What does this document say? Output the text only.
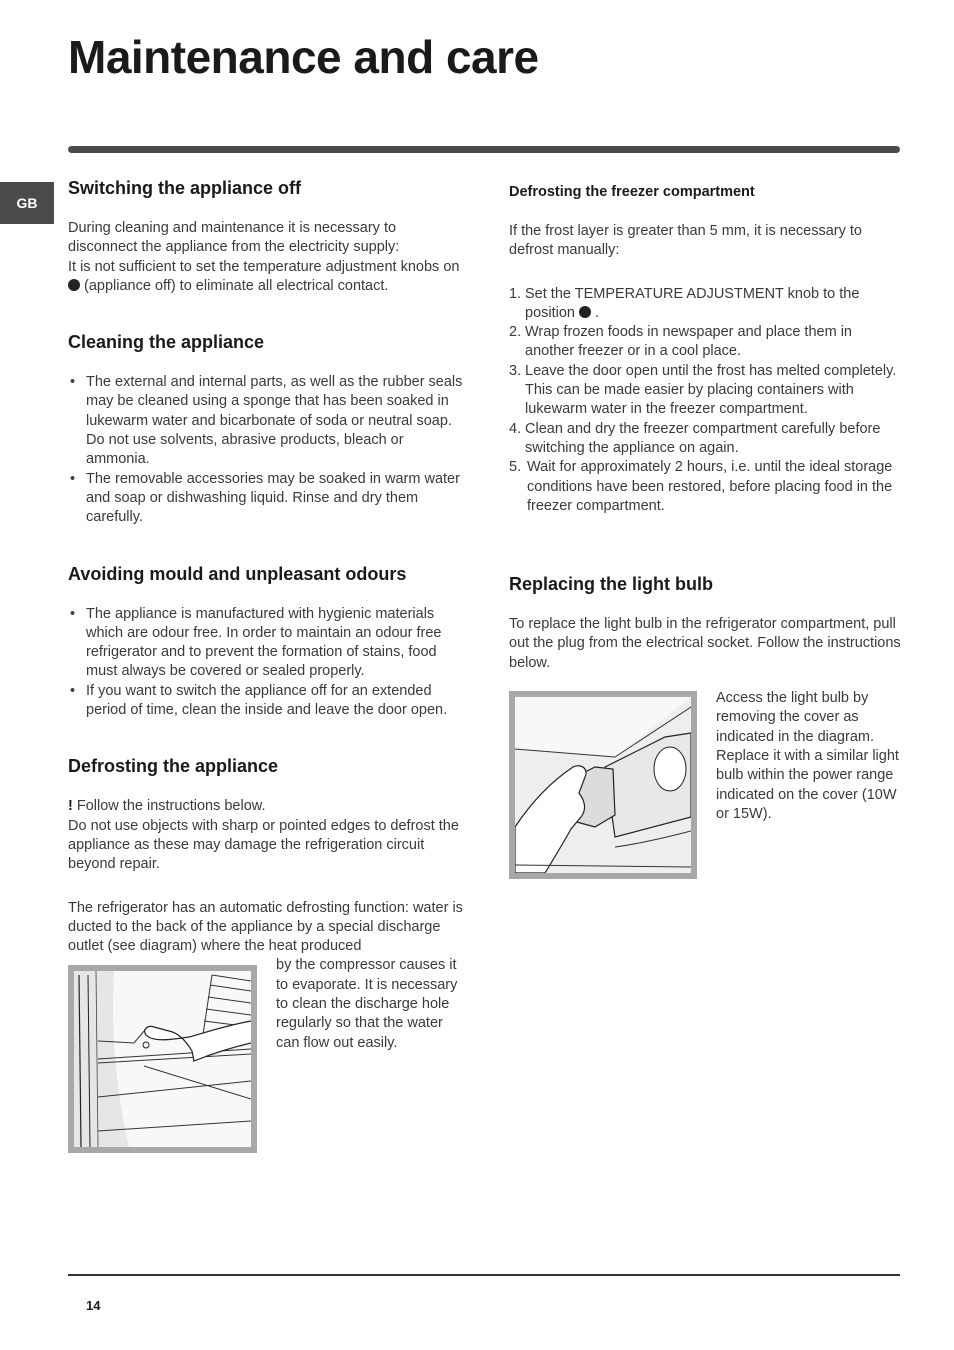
Maintenance and care
GB
Switching the appliance off

During cleaning and maintenance it is necessary to disconnect the appliance from the electricity supply:

It is not sufficient to set the temperature adjustment knobs on  (appliance off) to eliminate all electrical contact.

Cleaning the appliance
• The external and internal parts, as well as the rubber seals may be cleaned using a sponge that has been soaked in lukewarm water and bicarbonate of soda or neutral soap. Do not use solvents, abrasive products, bleach or ammonia.
• The removable accessories may be soaked in warm water and soap or dishwashing liquid. Rinse and dry them carefully.
Avoiding mould and unpleasant odours
• The appliance is manufactured with hygienic materials which are odour free. In order to maintain an odour free refrigerator and to prevent the formation of stains, food must always be covered or sealed properly.
• If you want to switch the appliance off for an extended period of time, clean the inside and leave the door open.
Defrosting the appliance

! Follow the instructions below.

Do not use objects with sharp or pointed edges to defrost the appliance as these may damage the refrigeration circuit beyond repair.

The refrigerator has an automatic defrosting function: water is ducted to the back of the appliance by a special discharge outlet (see diagram) where the heat produced

by the compressor causes it to evaporate. It is necessary to clean the discharge hole regularly so that the water can flow out easily.

Defrosting the freezer compartment

If the frost layer is greater than 5 mm, it is necessary to defrost manually:

1. Set the TEMPERATURE ADJUSTMENT knob to the position .
2. Wrap frozen foods in newspaper and place them in another freezer or in a cool place.
3. Leave the door open until the frost has melted completely. This can be made easier by placing containers with lukewarm water in the freezer compartment.
4. Clean and dry the freezer compartment carefully before switching the appliance on again.
5. Wait for approximately 2 hours, i.e. until the ideal storage conditions have been restored, before placing food in the freezer compartment.
Replacing the light bulb

To replace the light bulb in the refrigerator compartment, pull out the plug from the electrical socket. Follow the instructions below.

Access the light bulb by removing the cover as indicated in the diagram. Replace it with a similar light bulb within the power range indicated on the cover (10W or 15W).

14
